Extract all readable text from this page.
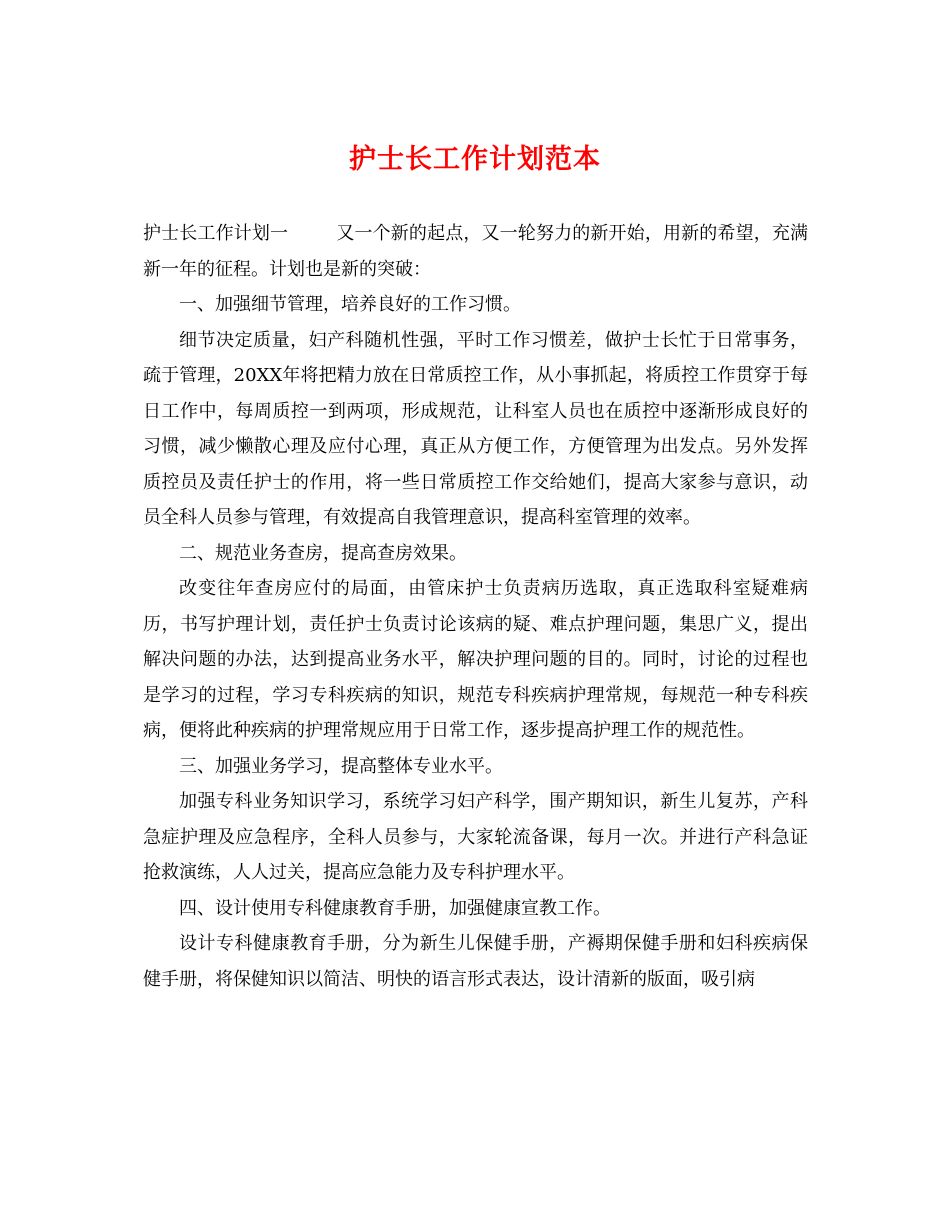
护士长工作计划范本

护士长工作计划一	又一个新的起点，又一轮努力的新开始，用新的希望，充满新一年的征程。计划也是新的突破：

一、加强细节管理，培养良好的工作习惯。

细节决定质量，妇产科随机性强，平时工作习惯差，做护士长忙于日常事务，疏于管理，20XX年将把精力放在日常质控工作，从小事抓起，将质控工作贯穿于每日工作中，每周质控一到两项，形成规范，让科室人员也在质控中逐渐形成良好的习惯，减少懒散心理及应付心理，真正从方便工作，方便管理为出发点。另外发挥质控员及责任护士的作用，将一些日常质控工作交给她们，提高大家参与意识，动员全科人员参与管理，有效提高自我管理意识，提高科室管理的效率。

二、规范业务查房，提高查房效果。

改变往年查房应付的局面，由管床护士负责病历选取，真正选取科室疑难病历，书写护理计划，责任护士负责讨论该病的疑、难点护理问题，集思广义，提出解决问题的办法，达到提高业务水平，解决护理问题的目的。同时，讨论的过程也是学习的过程，学习专科疾病的知识，规范专科疾病护理常规，每规范一种专科疾病，便将此种疾病的护理常规应用于日常工作，逐步提高护理工作的规范性。

三、加强业务学习，提高整体专业水平。

加强专科业务知识学习，系统学习妇产科学，围产期知识，新生儿复苏，产科急症护理及应急程序，全科人员参与，大家轮流备课，每月一次。并进行产科急证抢救演练，人人过关，提高应急能力及专科护理水平。

四、设计使用专科健康教育手册，加强健康宣教工作。

设计专科健康教育手册，分为新生儿保健手册，产褥期保健手册和妇科疾病保健手册，将保健知识以简洁、明快的语言形式表达，设计清新的版面，吸引病
